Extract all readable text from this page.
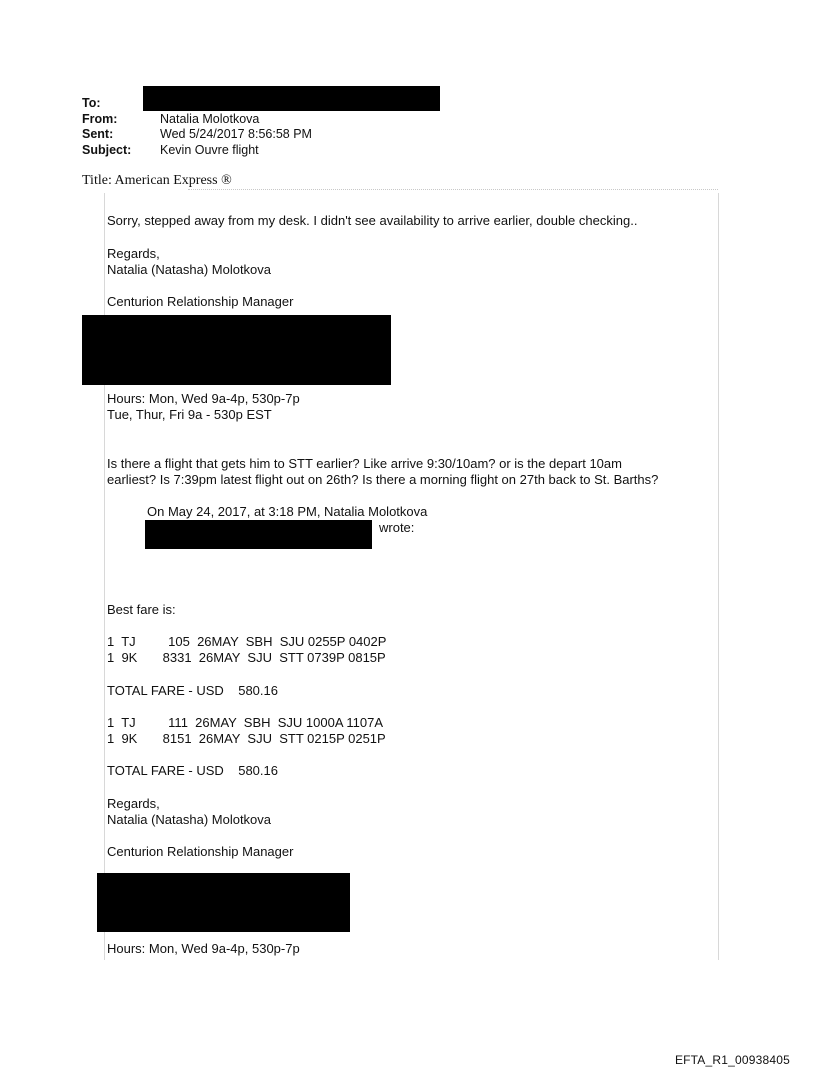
To:
From:	Natalia Molotkova
Sent:	Wed 5/24/2017 8:56:58 PM
Subject: Kevin Ouvre flight
Title: American Express ®
Sorry, stepped away from my desk. I didn't see availability to arrive earlier, double checking..
Regards,
Natalia (Natasha) Molotkova
Centurion Relationship Manager
Hours: Mon, Wed 9a-4p, 530p-7p
Tue, Thur, Fri 9a - 530p EST
Is there a flight that gets him to STT earlier? Like arrive 9:30/10am? or is the depart 10am
earliest? Is 7:39pm latest flight out on 26th? Is there a morning flight on 27th back to St. Barths?
On May 24, 2017, at 3:18 PM, Natalia Molotkova
wrote:
Best fare is:
1  TJ         105  26MAY  SBH  SJU 0255P 0402P
1  9K       8331  26MAY  SJU  STT 0739P 0815P
TOTAL FARE - USD    580.16
1  TJ         111  26MAY  SBH  SJU 1000A 1107A
1  9K       8151  26MAY  SJU  STT 0215P 0251P
TOTAL FARE - USD    580.16
Regards,
Natalia (Natasha) Molotkova
Centurion Relationship Manager
Hours: Mon, Wed 9a-4p, 530p-7p
EFTA_R1_00938405
